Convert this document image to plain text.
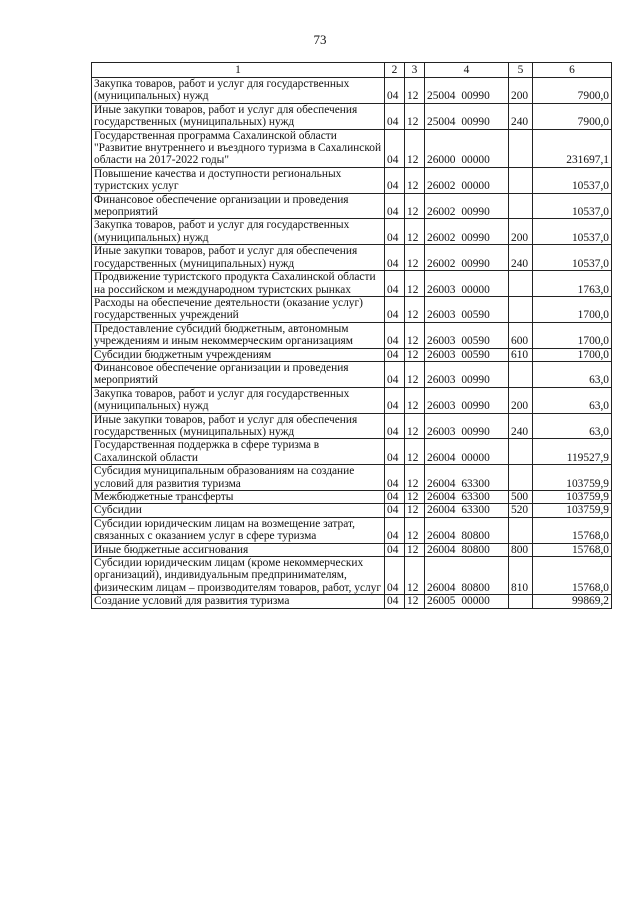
73
1	2	3	4	5	6
Закупка товаров, работ и услуг для государственных (муниципальных) нужд	04	12	25004 00990	200	7900,0
Иные закупки товаров, работ и услуг для обеспечения государственных (муниципальных) нужд	04	12	25004 00990	240	7900,0
Государственная программа Сахалинской области "Развитие внутреннего и въездного туризма в Сахалинской области на 2017-2022 годы"	04	12	26000 00000		231697,1
Повышение качества и доступности региональных туристских услуг	04	12	26002 00000		10537,0
Финансовое обеспечение организации и проведения мероприятий	04	12	26002 00990		10537,0
Закупка товаров, работ и услуг для государственных (муниципальных) нужд	04	12	26002 00990	200	10537,0
Иные закупки товаров, работ и услуг для обеспечения государственных (муниципальных) нужд	04	12	26002 00990	240	10537,0
Продвижение туристского продукта Сахалинской области на российском и международном туристских рынках	04	12	26003 00000		1763,0
Расходы на обеспечение деятельности (оказание услуг) государственных учреждений	04	12	26003 00590		1700,0
Предоставление субсидий бюджетным, автономным учреждениям и иным некоммерческим организациям	04	12	26003 00590	600	1700,0
Субсидии бюджетным учреждениям	04	12	26003 00590	610	1700,0
Финансовое обеспечение организации и проведения мероприятий	04	12	26003 00990		63,0
Закупка товаров, работ и услуг для государственных (муниципальных) нужд	04	12	26003 00990	200	63,0
Иные закупки товаров, работ и услуг для обеспечения государственных (муниципальных) нужд	04	12	26003 00990	240	63,0
Государственная поддержка в сфере туризма в Сахалинской области	04	12	26004 00000		119527,9
Субсидия муниципальным образованиям на создание условий для развития туризма	04	12	26004 63300		103759,9
Межбюджетные трансферты	04	12	26004 63300	500	103759,9
Субсидии	04	12	26004 63300	520	103759,9
Субсидии юридическим лицам на возмещение затрат, связанных с оказанием услуг в сфере туризма	04	12	26004 80800		15768,0
Иные бюджетные ассигнования	04	12	26004 80800	800	15768,0
Субсидии юридическим лицам (кроме некоммерческих организаций), индивидуальным предпринимателям, физическим лицам – производителям товаров, работ, услуг	04	12	26004 80800	810	15768,0
Создание условий для развития туризма	04	12	26005 00000		99869,2
